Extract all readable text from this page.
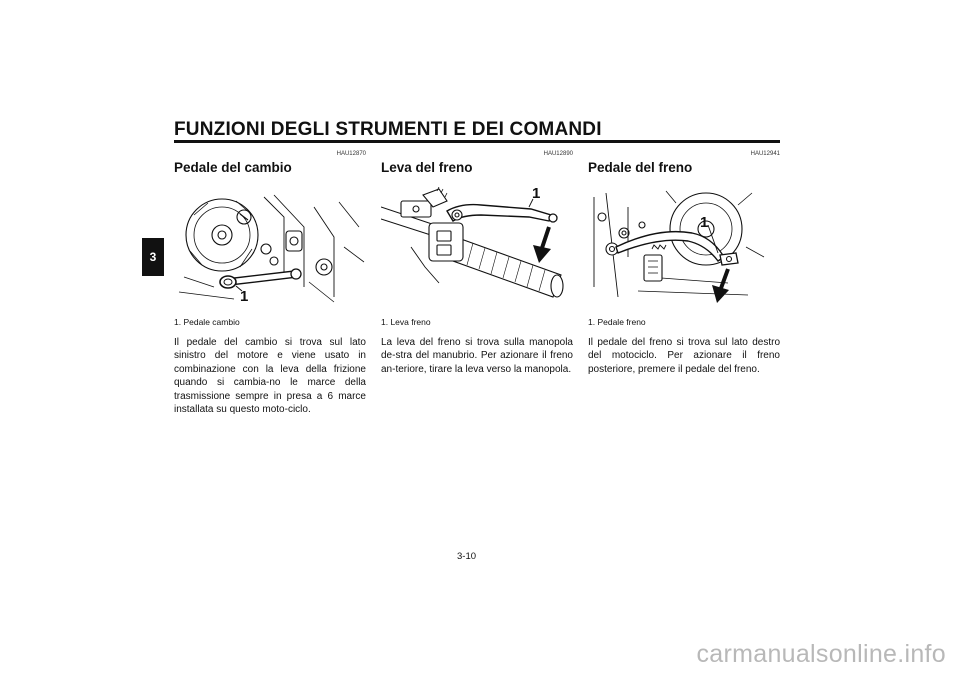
FUNZIONI DEGLI STRUMENTI E DEI COMANDI
3
HAU12870
Pedale del cambio
1
1. Pedale cambio

Il pedale del cambio si trova sul lato sinistro del motore e viene usato in combinazione con la leva della frizione quando si cambia-no le marce della trasmissione sempre in presa a 6 marce installata su questo moto-ciclo.

HAU12890
Leva del freno
1
1. Leva freno

La leva del freno si trova sulla manopola de-stra del manubrio. Per azionare il freno an-teriore, tirare la leva verso la manopola.

HAU12941
Pedale del freno
1
1. Pedale freno

Il pedale del freno si trova sul lato destro del motociclo. Per azionare il freno posteriore, premere il pedale del freno.

3-10
carmanualsonline.info
